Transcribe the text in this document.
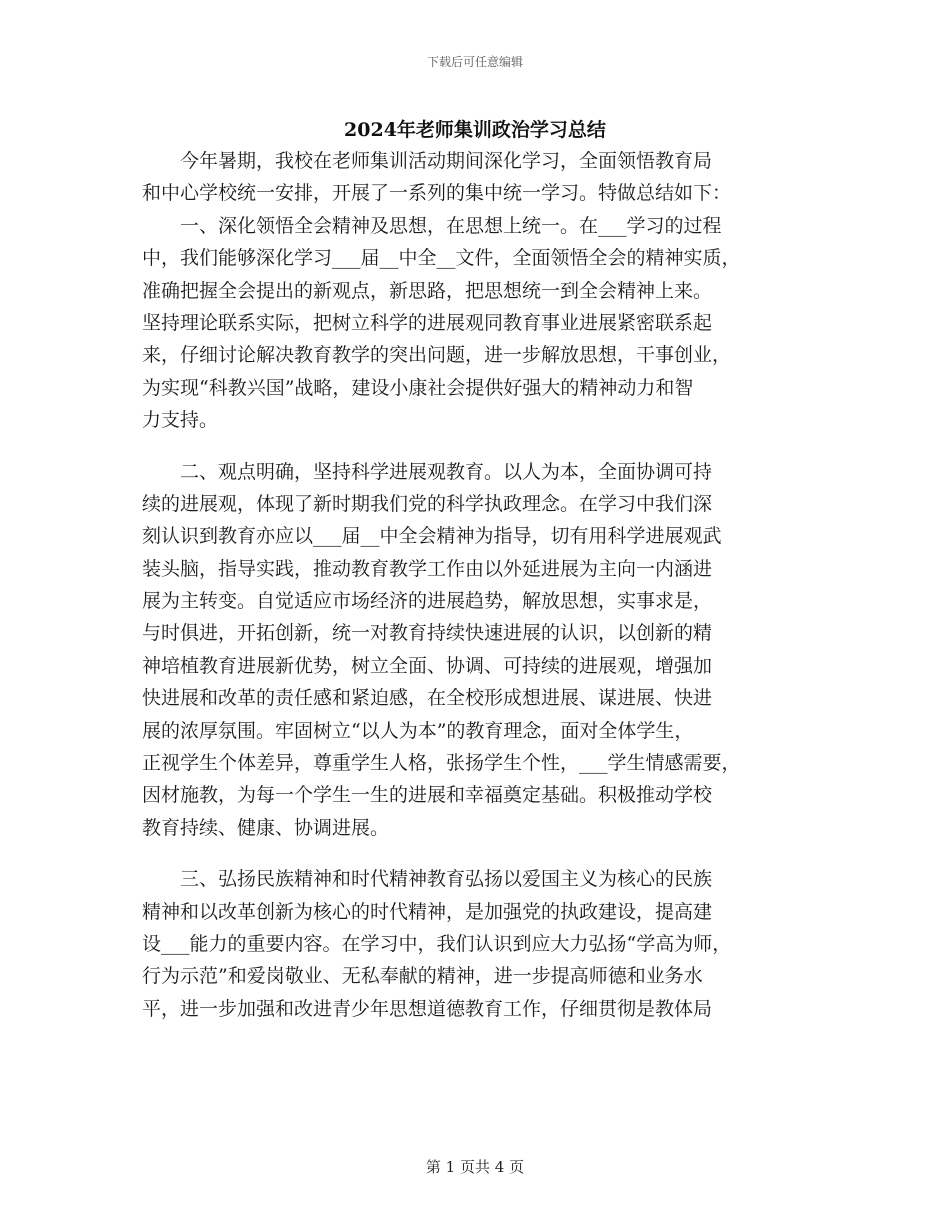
下载后可任意编辑
2024年老师集训政治学习总结
今年暑期，我校在老师集训活动期间深化学习，全面领悟教育局
和中心学校统一安排，开展了一系列的集中统一学习。特做总结如下：
一、深化领悟全会精神及思想，在思想上统一。在___学习的过程
中，我们能够深化学习___届__中全__文件，全面领悟全会的精神实质，
准确把握全会提出的新观点，新思路，把思想统一到全会精神上来。
坚持理论联系实际，把树立科学的进展观同教育事业进展紧密联系起
来，仔细讨论解决教育教学的突出问题，进一步解放思想，干事创业，
为实现“科教兴国”战略，建设小康社会提供好强大的精神动力和智
力支持。
二、观点明确，坚持科学进展观教育。以人为本，全面协调可持
续的进展观，体现了新时期我们党的科学执政理念。在学习中我们深
刻认识到教育亦应以___届__中全会精神为指导，切有用科学进展观武
装头脑，指导实践，推动教育教学工作由以外延进展为主向一内涵进
展为主转变。自觉适应市场经济的进展趋势，解放思想，实事求是，
与时俱进，开拓创新，统一对教育持续快速进展的认识，以创新的精
神培植教育进展新优势，树立全面、协调、可持续的进展观，增强加
快进展和改革的责任感和紧迫感，在全校形成想进展、谋进展、快进
展的浓厚氛围。牢固树立“以人为本”的教育理念，面对全体学生，
正视学生个体差异，尊重学生人格，张扬学生个性，___学生情感需要，
因材施教，为每一个学生一生的进展和幸福奠定基础。积极推动学校
教育持续、健康、协调进展。
三、弘扬民族精神和时代精神教育弘扬以爱国主义为核心的民族
精神和以改革创新为核心的时代精神，是加强党的执政建设，提高建
设___能力的重要内容。在学习中，我们认识到应大力弘扬“学高为师，
行为示范”和爱岗敬业、无私奉献的精神，进一步提高师德和业务水
平，进一步加强和改进青少年思想道德教育工作，仔细贯彻是教体局
第 1 页共 4 页
